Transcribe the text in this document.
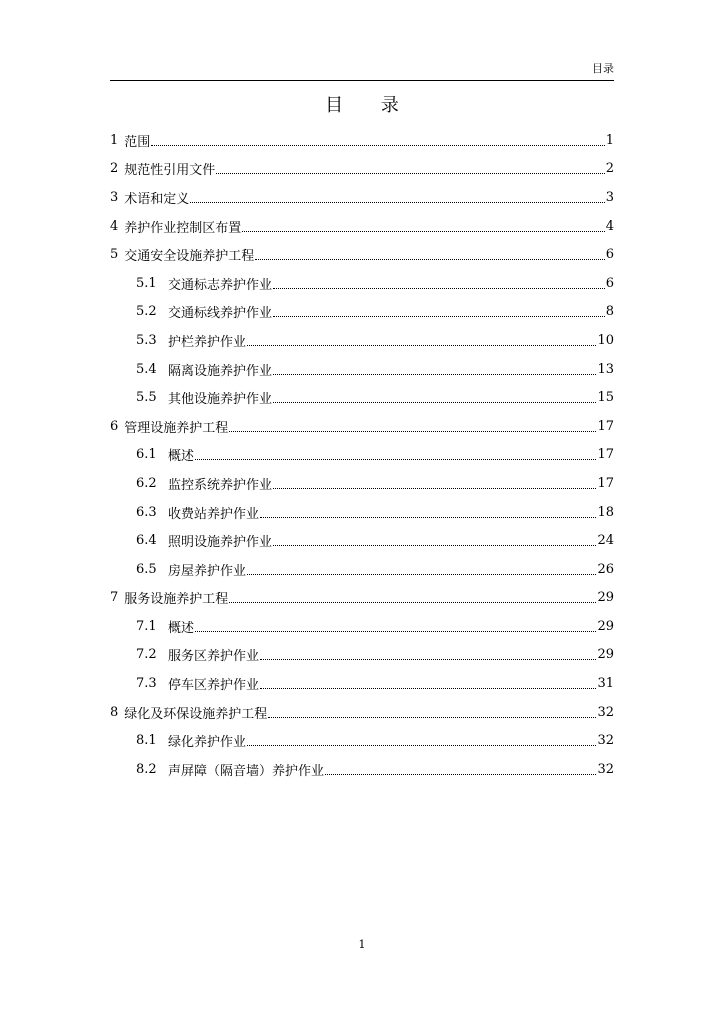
目录
目 录
1 范围	1
2 规范性引用文件	2
3 术语和定义	3
4 养护作业控制区布置	4
5 交通安全设施养护工程	6
5.1 交通标志养护作业	6
5.2 交通标线养护作业	8
5.3 护栏养护作业	10
5.4 隔离设施养护作业	13
5.5 其他设施养护作业	15
6 管理设施养护工程	17
6.1 概述	17
6.2 监控系统养护作业	17
6.3 收费站养护作业	18
6.4 照明设施养护作业	24
6.5 房屋养护作业	26
7 服务设施养护工程	29
7.1 概述	29
7.2 服务区养护作业	29
7.3 停车区养护作业	31
8 绿化及环保设施养护工程	32
8.1 绿化养护作业	32
8.2 声屏障（隔音墙）养护作业	32
1
